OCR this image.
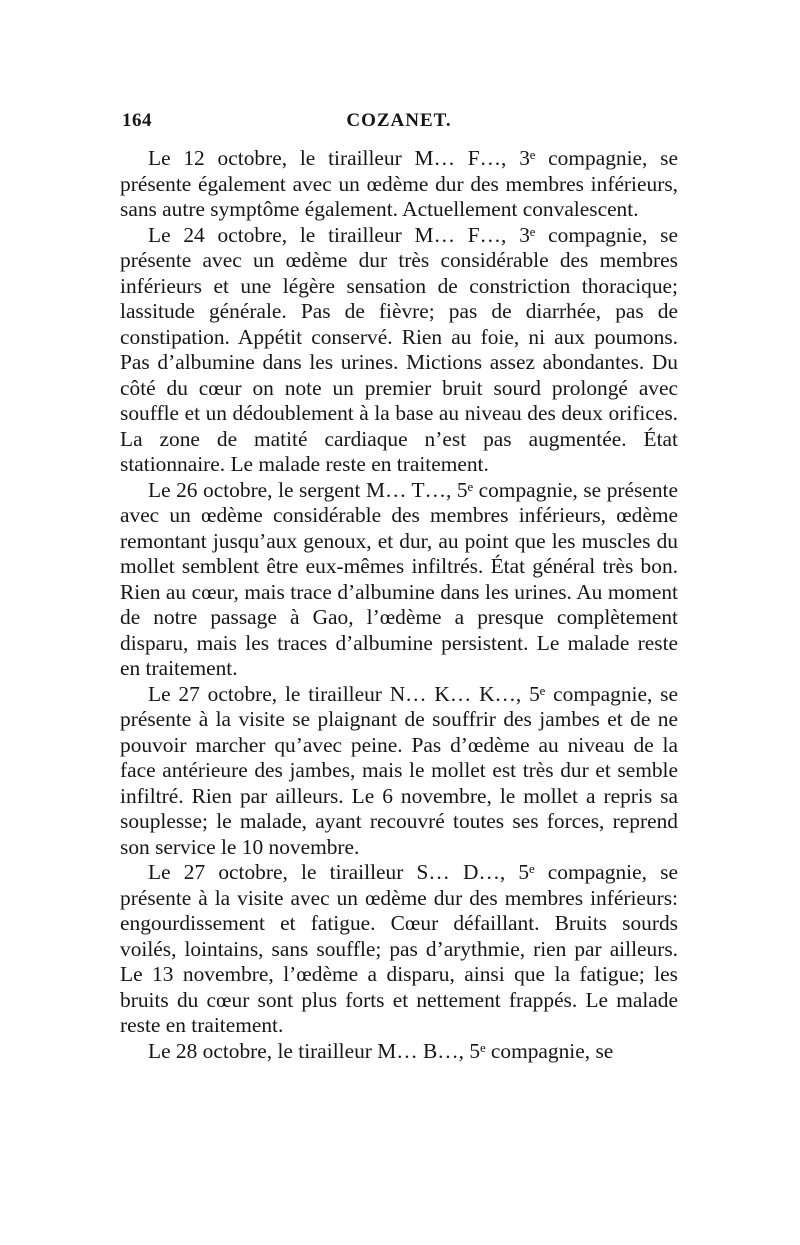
164	COZANET.

Le 12 octobre, le tirailleur M… F…, 3ᵉ compagnie, se présente également avec un œdème dur des membres inférieurs, sans autre symptôme également. Actuellement convalescent.

Le 24 octobre, le tirailleur M… F…, 3ᵉ compagnie, se présente avec un œdème dur très considérable des membres inférieurs et une légère sensation de constriction thoracique; lassitude générale. Pas de fièvre; pas de diarrhée, pas de constipation. Appétit conservé. Rien au foie, ni aux poumons. Pas d’albumine dans les urines. Mictions assez abondantes. Du côté du cœur on note un premier bruit sourd prolongé avec souffle et un dédoublement à la base au niveau des deux orifices. La zone de matité cardiaque n’est pas augmentée. État stationnaire. Le malade reste en traitement.

Le 26 octobre, le sergent M… T…, 5ᵉ compagnie, se présente avec un œdème considérable des membres inférieurs, œdème remontant jusqu’aux genoux, et dur, au point que les muscles du mollet semblent être eux-mêmes infiltrés. État général très bon. Rien au cœur, mais trace d’albumine dans les urines. Au moment de notre passage à Gao, l’œdème a presque complètement disparu, mais les traces d’albumine persistent. Le malade reste en traitement.

Le 27 octobre, le tirailleur N… K… K…, 5ᵉ compagnie, se présente à la visite se plaignant de souffrir des jambes et de ne pouvoir marcher qu’avec peine. Pas d’œdème au niveau de la face antérieure des jambes, mais le mollet est très dur et semble infiltré. Rien par ailleurs. Le 6 novembre, le mollet a repris sa souplesse; le malade, ayant recouvré toutes ses forces, reprend son service le 10 novembre.

Le 27 octobre, le tirailleur S… D…, 5ᵉ compagnie, se présente à la visite avec un œdème dur des membres inférieurs: engourdissement et fatigue. Cœur défaillant. Bruits sourds voilés, lointains, sans souffle; pas d’arythmie, rien par ailleurs. Le 13 novembre, l’œdème a disparu, ainsi que la fatigue; les bruits du cœur sont plus forts et nettement frappés. Le malade reste en traitement.

Le 28 octobre, le tirailleur M… B…, 5ᵉ compagnie, se
